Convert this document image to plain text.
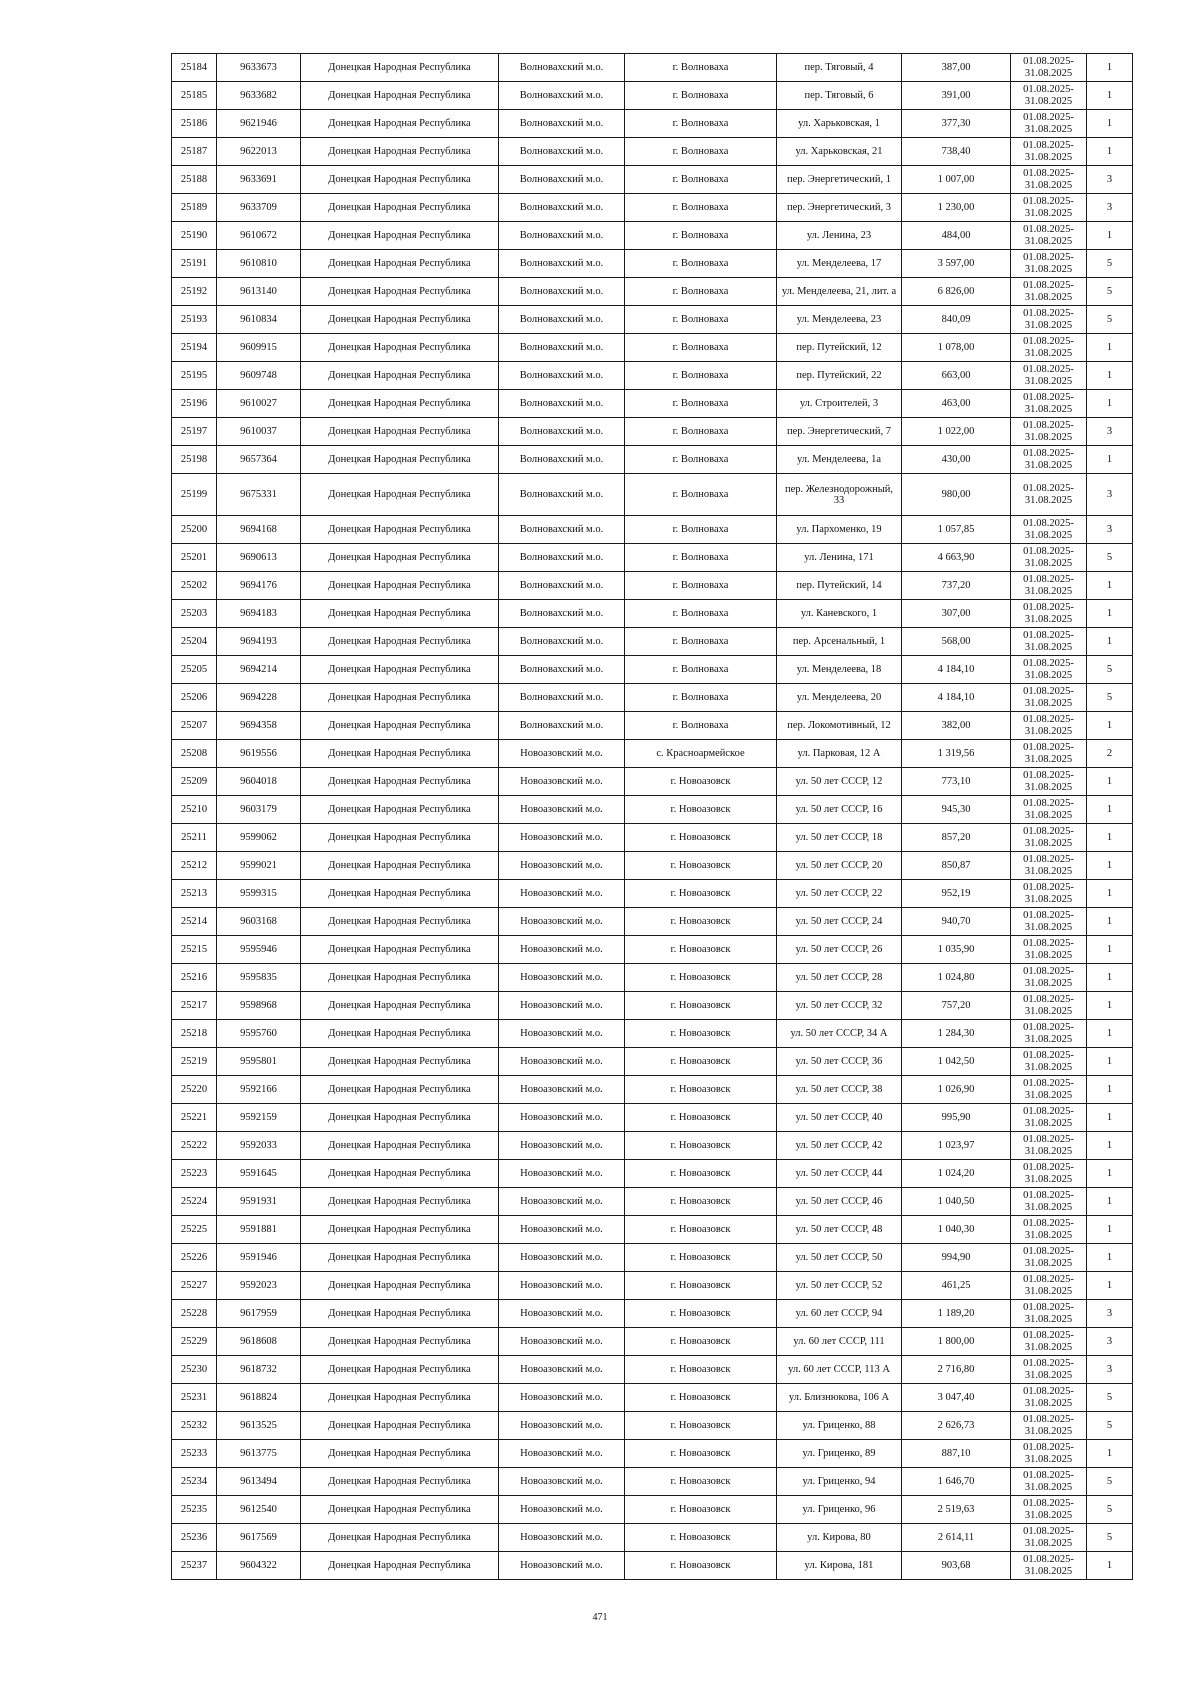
25184	9633673	Донецкая Народная Республика	Волновахский м.о.	г. Волноваха	пер. Тяговый, 4	387,00	01.08.2025-
31.08.2025	1
25185	9633682	Донецкая Народная Республика	Волновахский м.о.	г. Волноваха	пер. Тяговый, 6	391,00	01.08.2025-
31.08.2025	1
25186	9621946	Донецкая Народная Республика	Волновахский м.о.	г. Волноваха	ул. Харьковская, 1	377,30	01.08.2025-
31.08.2025	1
25187	9622013	Донецкая Народная Республика	Волновахский м.о.	г. Волноваха	ул. Харьковская, 21	738,40	01.08.2025-
31.08.2025	1
25188	9633691	Донецкая Народная Республика	Волновахский м.о.	г. Волноваха	пер. Энергетический, 1	1 007,00	01.08.2025-
31.08.2025	3
25189	9633709	Донецкая Народная Республика	Волновахский м.о.	г. Волноваха	пер. Энергетический, 3	1 230,00	01.08.2025-
31.08.2025	3
25190	9610672	Донецкая Народная Республика	Волновахский м.о.	г. Волноваха	ул. Ленина, 23	484,00	01.08.2025-
31.08.2025	1
25191	9610810	Донецкая Народная Республика	Волновахский м.о.	г. Волноваха	ул. Менделеева, 17	3 597,00	01.08.2025-
31.08.2025	5
25192	9613140	Донецкая Народная Республика	Волновахский м.о.	г. Волноваха	ул. Менделеева, 21, лит. а	6 826,00	01.08.2025-
31.08.2025	5
25193	9610834	Донецкая Народная Республика	Волновахский м.о.	г. Волноваха	ул. Менделеева, 23	840,09	01.08.2025-
31.08.2025	5
25194	9609915	Донецкая Народная Республика	Волновахский м.о.	г. Волноваха	пер. Путейский, 12	1 078,00	01.08.2025-
31.08.2025	1
25195	9609748	Донецкая Народная Республика	Волновахский м.о.	г. Волноваха	пер. Путейский, 22	663,00	01.08.2025-
31.08.2025	1
25196	9610027	Донецкая Народная Республика	Волновахский м.о.	г. Волноваха	ул. Строителей, 3	463,00	01.08.2025-
31.08.2025	1
25197	9610037	Донецкая Народная Республика	Волновахский м.о.	г. Волноваха	пер. Энергетический, 7	1 022,00	01.08.2025-
31.08.2025	3
25198	9657364	Донецкая Народная Республика	Волновахский м.о.	г. Волноваха	ул. Менделеева, 1а	430,00	01.08.2025-
31.08.2025	1
25199	9675331	Донецкая Народная Республика	Волновахский м.о.	г. Волноваха	пер. Железнодорожный, 33	980,00	01.08.2025-
31.08.2025	3
25200	9694168	Донецкая Народная Республика	Волновахский м.о.	г. Волноваха	ул. Пархоменко, 19	1 057,85	01.08.2025-
31.08.2025	3
25201	9690613	Донецкая Народная Республика	Волновахский м.о.	г. Волноваха	ул. Ленина, 171	4 663,90	01.08.2025-
31.08.2025	5
25202	9694176	Донецкая Народная Республика	Волновахский м.о.	г. Волноваха	пер. Путейский, 14	737,20	01.08.2025-
31.08.2025	1
25203	9694183	Донецкая Народная Республика	Волновахский м.о.	г. Волноваха	ул. Каневского, 1	307,00	01.08.2025-
31.08.2025	1
25204	9694193	Донецкая Народная Республика	Волновахский м.о.	г. Волноваха	пер. Арсенальный, 1	568,00	01.08.2025-
31.08.2025	1
25205	9694214	Донецкая Народная Республика	Волновахский м.о.	г. Волноваха	ул. Менделеева, 18	4 184,10	01.08.2025-
31.08.2025	5
25206	9694228	Донецкая Народная Республика	Волновахский м.о.	г. Волноваха	ул. Менделеева, 20	4 184,10	01.08.2025-
31.08.2025	5
25207	9694358	Донецкая Народная Республика	Волновахский м.о.	г. Волноваха	пер. Локомотивный, 12	382,00	01.08.2025-
31.08.2025	1
25208	9619556	Донецкая Народная Республика	Новоазовский м.о.	с. Красноармейское	ул. Парковая, 12 А	1 319,56	01.08.2025-
31.08.2025	2
25209	9604018	Донецкая Народная Республика	Новоазовский м.о.	г. Новоазовск	ул. 50 лет СССР, 12	773,10	01.08.2025-
31.08.2025	1
25210	9603179	Донецкая Народная Республика	Новоазовский м.о.	г. Новоазовск	ул. 50 лет СССР, 16	945,30	01.08.2025-
31.08.2025	1
25211	9599062	Донецкая Народная Республика	Новоазовский м.о.	г. Новоазовск	ул. 50 лет СССР, 18	857,20	01.08.2025-
31.08.2025	1
25212	9599021	Донецкая Народная Республика	Новоазовский м.о.	г. Новоазовск	ул. 50 лет СССР, 20	850,87	01.08.2025-
31.08.2025	1
25213	9599315	Донецкая Народная Республика	Новоазовский м.о.	г. Новоазовск	ул. 50 лет СССР, 22	952,19	01.08.2025-
31.08.2025	1
25214	9603168	Донецкая Народная Республика	Новоазовский м.о.	г. Новоазовск	ул. 50 лет СССР, 24	940,70	01.08.2025-
31.08.2025	1
25215	9595946	Донецкая Народная Республика	Новоазовский м.о.	г. Новоазовск	ул. 50 лет СССР, 26	1 035,90	01.08.2025-
31.08.2025	1
25216	9595835	Донецкая Народная Республика	Новоазовский м.о.	г. Новоазовск	ул. 50 лет СССР, 28	1 024,80	01.08.2025-
31.08.2025	1
25217	9598968	Донецкая Народная Республика	Новоазовский м.о.	г. Новоазовск	ул. 50 лет СССР, 32	757,20	01.08.2025-
31.08.2025	1
25218	9595760	Донецкая Народная Республика	Новоазовский м.о.	г. Новоазовск	ул. 50 лет СССР, 34 А	1 284,30	01.08.2025-
31.08.2025	1
25219	9595801	Донецкая Народная Республика	Новоазовский м.о.	г. Новоазовск	ул. 50 лет СССР, 36	1 042,50	01.08.2025-
31.08.2025	1
25220	9592166	Донецкая Народная Республика	Новоазовский м.о.	г. Новоазовск	ул. 50 лет СССР, 38	1 026,90	01.08.2025-
31.08.2025	1
25221	9592159	Донецкая Народная Республика	Новоазовский м.о.	г. Новоазовск	ул. 50 лет СССР, 40	995,90	01.08.2025-
31.08.2025	1
25222	9592033	Донецкая Народная Республика	Новоазовский м.о.	г. Новоазовск	ул. 50 лет СССР, 42	1 023,97	01.08.2025-
31.08.2025	1
25223	9591645	Донецкая Народная Республика	Новоазовский м.о.	г. Новоазовск	ул. 50 лет СССР, 44	1 024,20	01.08.2025-
31.08.2025	1
25224	9591931	Донецкая Народная Республика	Новоазовский м.о.	г. Новоазовск	ул. 50 лет СССР, 46	1 040,50	01.08.2025-
31.08.2025	1
25225	9591881	Донецкая Народная Республика	Новоазовский м.о.	г. Новоазовск	ул. 50 лет СССР, 48	1 040,30	01.08.2025-
31.08.2025	1
25226	9591946	Донецкая Народная Республика	Новоазовский м.о.	г. Новоазовск	ул. 50 лет СССР, 50	994,90	01.08.2025-
31.08.2025	1
25227	9592023	Донецкая Народная Республика	Новоазовский м.о.	г. Новоазовск	ул. 50 лет СССР, 52	461,25	01.08.2025-
31.08.2025	1
25228	9617959	Донецкая Народная Республика	Новоазовский м.о.	г. Новоазовск	ул. 60 лет СССР, 94	1 189,20	01.08.2025-
31.08.2025	3
25229	9618608	Донецкая Народная Республика	Новоазовский м.о.	г. Новоазовск	ул. 60 лет СССР, 111	1 800,00	01.08.2025-
31.08.2025	3
25230	9618732	Донецкая Народная Республика	Новоазовский м.о.	г. Новоазовск	ул. 60 лет СССР, 113 А	2 716,80	01.08.2025-
31.08.2025	3
25231	9618824	Донецкая Народная Республика	Новоазовский м.о.	г. Новоазовск	ул. Близнюкова, 106 А	3 047,40	01.08.2025-
31.08.2025	5
25232	9613525	Донецкая Народная Республика	Новоазовский м.о.	г. Новоазовск	ул. Гриценко, 88	2 626,73	01.08.2025-
31.08.2025	5
25233	9613775	Донецкая Народная Республика	Новоазовский м.о.	г. Новоазовск	ул. Гриценко, 89	887,10	01.08.2025-
31.08.2025	1
25234	9613494	Донецкая Народная Республика	Новоазовский м.о.	г. Новоазовск	ул. Гриценко, 94	1 646,70	01.08.2025-
31.08.2025	5
25235	9612540	Донецкая Народная Республика	Новоазовский м.о.	г. Новоазовск	ул. Гриценко, 96	2 519,63	01.08.2025-
31.08.2025	5
25236	9617569	Донецкая Народная Республика	Новоазовский м.о.	г. Новоазовск	ул. Кирова, 80	2 614,11	01.08.2025-
31.08.2025	5
25237	9604322	Донецкая Народная Республика	Новоазовский м.о.	г. Новоазовск	ул. Кирова, 181	903,68	01.08.2025-
31.08.2025	1
471
